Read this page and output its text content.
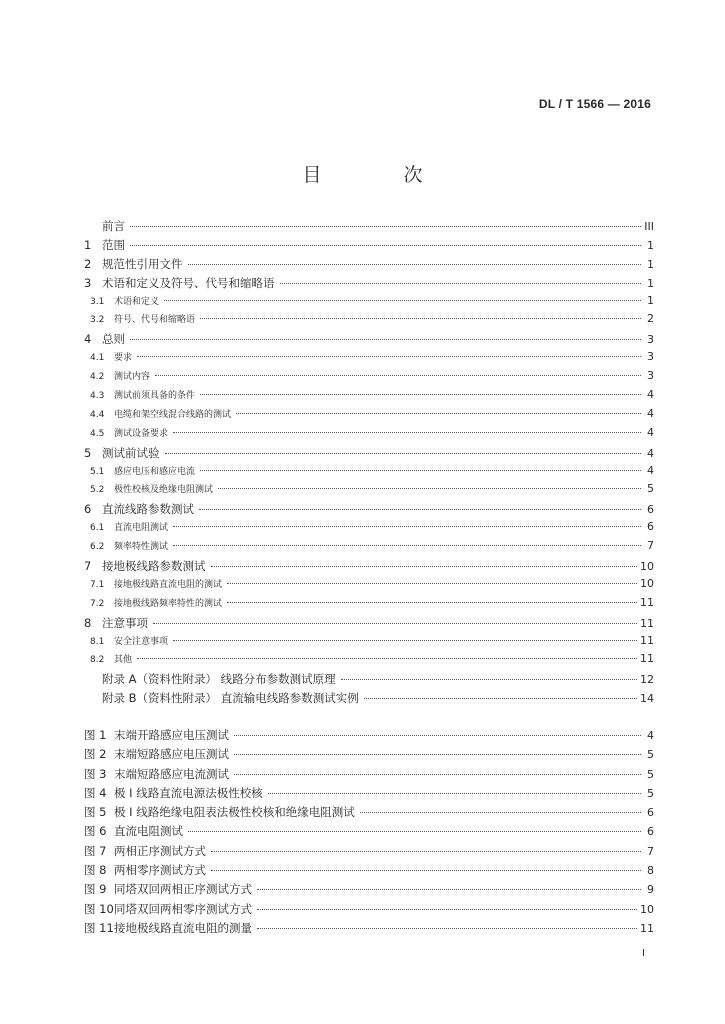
DL / T 1566 — 2016
目 次
前言	III
1 范围	1
2 规范性引用文件	1
3 术语和定义及符号、代号和缩略语	1
3.1	术语和定义	1
3.2	符号、代号和缩略语	2
4 总则	3
4.1	要求	3
4.2	测试内容	3
4.3	测试前须具备的条件	4
4.4	电缆和架空线混合线路的测试	4
4.5	测试设备要求	4
5 测试前试验	4
5.1	感应电压和感应电流	4
5.2	极性校核及绝缘电阻测试	5
6 直流线路参数测试	6
6.1	直流电阻测试	6
6.2	频率特性测试	7
7 接地极线路参数测试	10
7.1	接地极线路直流电阻的测试	10
7.2	接地极线路频率特性的测试	11
8 注意事项	11
8.1	安全注意事项	11
8.2	其他	11
附录 A（资料性附录） 线路分布参数测试原理	12
附录 B（资料性附录） 直流输电线路参数测试实例	14
图 1 末端开路感应电压测试	4
图 2 末端短路感应电压测试	5
图 3 末端短路感应电流测试	5
图 4 极 I 线路直流电源法极性校核	5
图 5 极 I 线路绝缘电阻表法极性校核和绝缘电阻测试	6
图 6 直流电阻测试	6
图 7 两相正序测试方式	7
图 8 两相零序测试方式	8
图 9 同塔双回两相正序测试方式	9
图 10 同塔双回两相零序测试方式	10
图 11 接地极线路直流电阻的测量	11
I
